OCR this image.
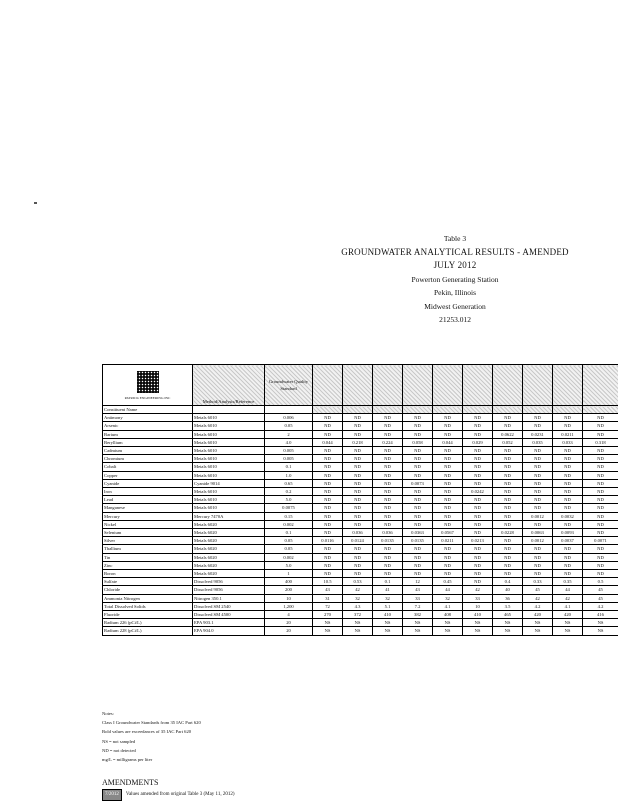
Table 3
GROUNDWATER ANALYTICAL RESULTS - AMENDED JULY 2012
Powerton Generating Station
Pekin, Illinois
Midwest Generation
21253.012
PATRICK ENGINEERING INC	Method/Analysis/Reference	Groundwater Quality Standard										
Constituent Name												
Antimony	Metals 6010	0.006	ND	ND	ND	ND	ND	ND	ND	ND	ND	ND
Arsenic	Metals 6010	0.05	ND	ND	ND	ND	ND	ND	ND	ND	ND	ND
Barium	Metals 6010	2	ND	ND	ND	ND	ND	ND	0.0622	0.0231	0.0211	ND
Beryllium	Metals 6010	4.0	0.044	0.218	0.224	0.058	0.044	0.029	0.052	0.035	0.033	0.318
Cadmium	Metals 6010	0.005	ND	ND	ND	ND	ND	ND	ND	ND	ND	ND
Chromium	Metals 6010	0.005	ND	ND	ND	ND	ND	ND	ND	ND	ND	ND
Cobalt	Metals 6010	0.1	ND	ND	ND	ND	ND	ND	ND	ND	ND	ND
Copper	Metals 6010	1.0	ND	ND	ND	ND	ND	ND	ND	ND	ND	ND
Cyanide	Cyanide 9014	0.65	ND	ND	ND	0.0073	ND	ND	ND	ND	ND	ND
Iron	Metals 6010	0.2	ND	ND	ND	ND	ND	0.0242	ND	ND	ND	ND
Lead	Metals 6010	5.0	ND	ND	ND	ND	ND	ND	ND	ND	ND	ND
Manganese	Metals 6010	0.0075	ND	ND	ND	ND	ND	ND	ND	ND	ND	ND
Mercury	Mercury 7470A	0.15	ND	ND	ND	ND	ND	ND	ND	0.0012	0.0032	ND
Nickel	Metals 6020	0.002	ND	ND	ND	ND	ND	ND	ND	ND	ND	ND
Selenium	Metals 6020	0.1	ND	0.036	0.036	0.0363	0.0567	ND	0.0228	0.0063	0.0093	ND
Silver	Metals 6020	0.05	0.0116	0.0124	0.0135	0.0135	0.0211	0.0213	ND	0.0012	0.0037	0.0071
Thallium	Metals 6020	0.05	ND	ND	ND	ND	ND	ND	ND	ND	ND	ND
Tin	Metals 6020	0.002	ND	ND	ND	ND	ND	ND	ND	ND	ND	ND
Zinc	Metals 6020	5.0	ND	ND	ND	ND	ND	ND	ND	ND	ND	ND
Boron	Metals 6020	1	ND	ND	ND	ND	ND	ND	ND	ND	ND	ND
Sulfate	Dissolved 9056	400	10.5	0.53	0.1	12	0.45	ND	0.4	0.33	0.35	0.5
Chloride	Dissolved 9056	200	43	42	41	43	44	42	40	45	44	45
Ammonia Nitrogen	Nitrogen 350.1	10	31	32	32	33	32	33	36	42	42	45
Total Dissolved Solids	Dissolved SM 2540	1,200	72	4.3	5.1	7.2	4.1	10	3.5	4.2	4.1	4.2
Fluoride	Dissolved SM 4500	4	270	372	410	382	408	410	465	420	420	416
Radium 226 (pCi/L)	EPA 903.1	20	NS	NS	NS	NS	NS	NS	NS	NS	NS	NS
Radium 228 (pCi/L)	EPA 904.0	20	NS	NS	NS	NS	NS	NS	NS	NS	NS	NS
Notes:
Class I Groundwater Standards from 35 IAC Part 620
Bold values are exceedances of 35 IAC Part 620
NS = not sampled
ND = not detected
mg/L = milligrams per liter
AMENDMENTS
7/2012 Values amended from original Table 3 (May 11, 2012)
